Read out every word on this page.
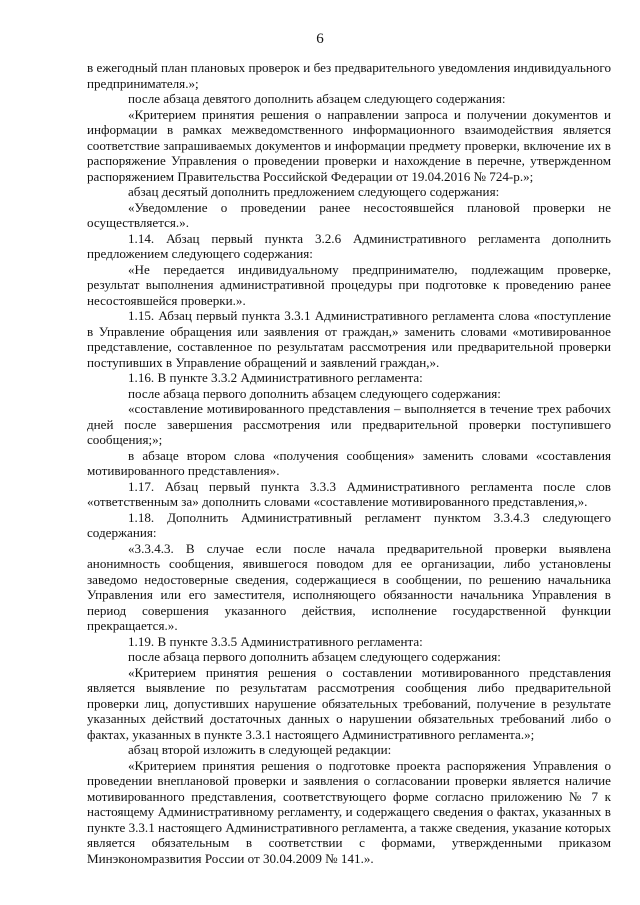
6

в ежегодный план плановых проверок и без предварительного уведомления индивидуального предпринимателя.»;

после абзаца девятого дополнить абзацем следующего содержания:

«Критерием принятия решения о направлении запроса и получении документов и информации в рамках межведомственного информационного взаимодействия является соответствие запрашиваемых документов и информации предмету проверки, включение их в распоряжение Управления о проведении проверки и нахождение в перечне, утвержденном распоряжением Правительства Российской Федерации от 19.04.2016 № 724-р.»;

абзац десятый дополнить предложением следующего содержания:

«Уведомление о проведении ранее несостоявшейся плановой проверки не осуществляется.».

1.14. Абзац первый пункта 3.2.6 Административного регламента дополнить предложением следующего содержания:

«Не передается индивидуальному предпринимателю, подлежащим проверке, результат выполнения административной процедуры при подготовке к проведению ранее несостоявшейся проверки.».

1.15. Абзац первый пункта 3.3.1 Административного регламента слова «поступление в Управление обращения или заявления от граждан,» заменить словами «мотивированное представление, составленное по результатам рассмотрения или предварительной проверки поступивших в Управление обращений и заявлений граждан,».

1.16. В пункте 3.3.2 Административного регламента:

после абзаца первого дополнить абзацем следующего содержания:

«составление мотивированного представления – выполняется в течение трех рабочих дней после завершения рассмотрения или предварительной проверки поступившего сообщения;»;

в абзаце втором слова «получения сообщения» заменить словами «составления мотивированного представления».

1.17. Абзац первый пункта 3.3.3 Административного регламента после слов «ответственным за» дополнить словами «составление мотивированного представления,».

1.18. Дополнить Административный регламент пунктом 3.3.4.3 следующего содержания:

«3.3.4.3. В случае если после начала предварительной проверки выявлена анонимность сообщения, явившегося поводом для ее организации, либо установлены заведомо недостоверные сведения, содержащиеся в сообщении, по решению начальника Управления или его заместителя, исполняющего обязанности начальника Управления в период совершения указанного действия, исполнение государственной функции прекращается.».

1.19. В пункте 3.3.5 Административного регламента:

после абзаца первого дополнить абзацем следующего содержания:

«Критерием принятия решения о составлении мотивированного представления является выявление по результатам рассмотрения сообщения либо предварительной проверки лиц, допустивших нарушение обязательных требований, получение в результате указанных действий достаточных данных о нарушении обязательных требований либо о фактах, указанных в пункте 3.3.1 настоящего Административного регламента.»;

абзац второй изложить в следующей редакции:

«Критерием принятия решения о подготовке проекта распоряжения Управления о проведении внеплановой проверки и заявления о согласовании проверки является наличие мотивированного представления, соответствующего форме согласно приложению № 7 к настоящему Административному регламенту, и содержащего сведения о фактах, указанных в пункте 3.3.1 настоящего Административного регламента, а также сведения, указание которых является обязательным в соответствии с формами, утвержденными приказом Минэкономразвития России от 30.04.2009 № 141.».
